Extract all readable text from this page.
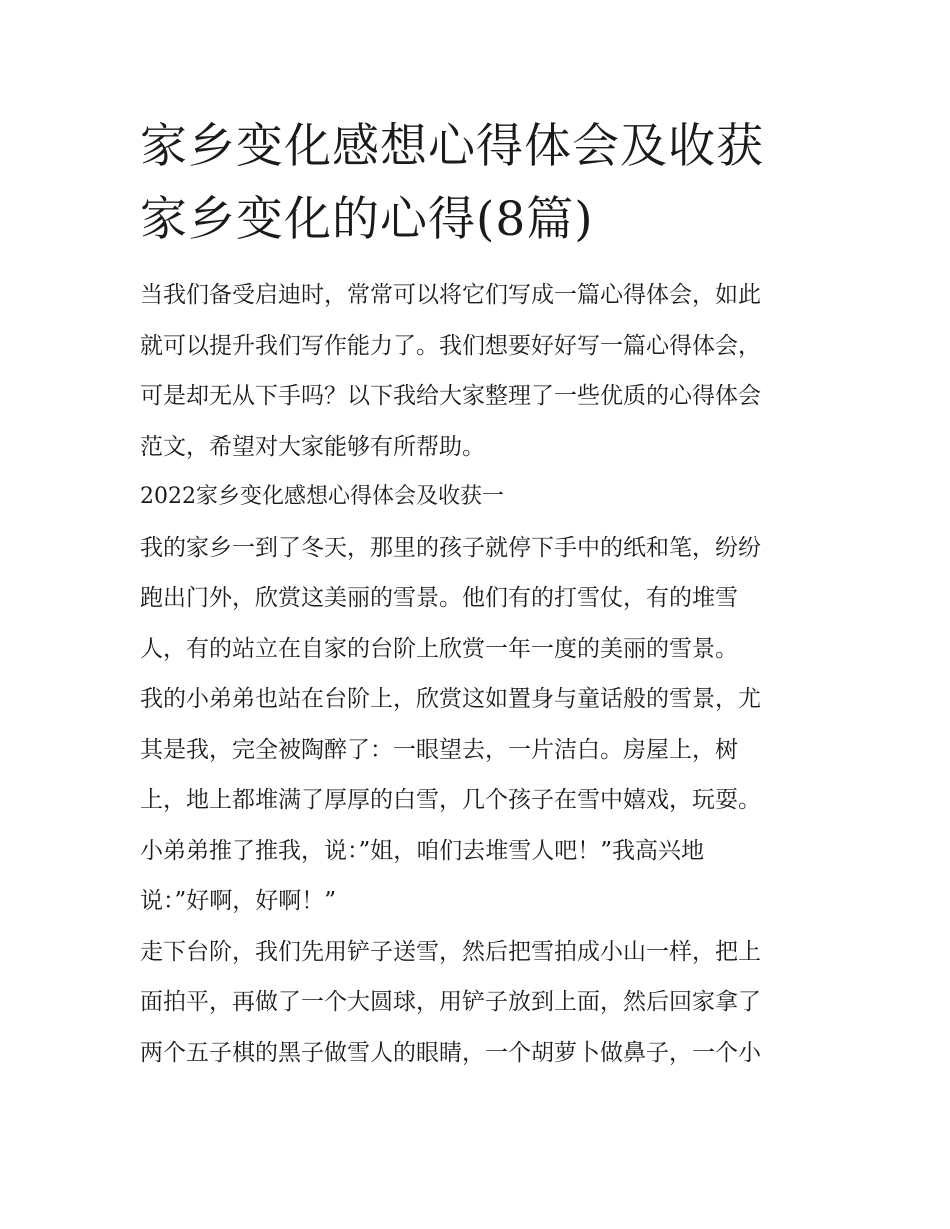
家乡变化感想心得体会及收获
家乡变化的心得(8篇)
当我们备受启迪时，常常可以将它们写成一篇心得体会，如此
就可以提升我们写作能力了。我们想要好好写一篇心得体会，
可是却无从下手吗？以下我给大家整理了一些优质的心得体会
范文，希望对大家能够有所帮助。
2022家乡变化感想心得体会及收获一
我的家乡一到了冬天，那里的孩子就停下手中的纸和笔，纷纷
跑出门外，欣赏这美丽的雪景。他们有的打雪仗，有的堆雪
人，有的站立在自家的台阶上欣赏一年一度的美丽的雪景。
我的小弟弟也站在台阶上，欣赏这如置身与童话般的雪景，尤
其是我，完全被陶醉了：一眼望去，一片洁白。房屋上，树
上，地上都堆满了厚厚的白雪，几个孩子在雪中嬉戏，玩耍。
小弟弟推了推我，说：”姐，咱们去堆雪人吧！”我高兴地
说：”好啊，好啊！”
走下台阶，我们先用铲子送雪，然后把雪拍成小山一样，把上
面拍平，再做了一个大圆球，用铲子放到上面，然后回家拿了
两个五子棋的黑子做雪人的眼睛，一个胡萝卜做鼻子，一个小
